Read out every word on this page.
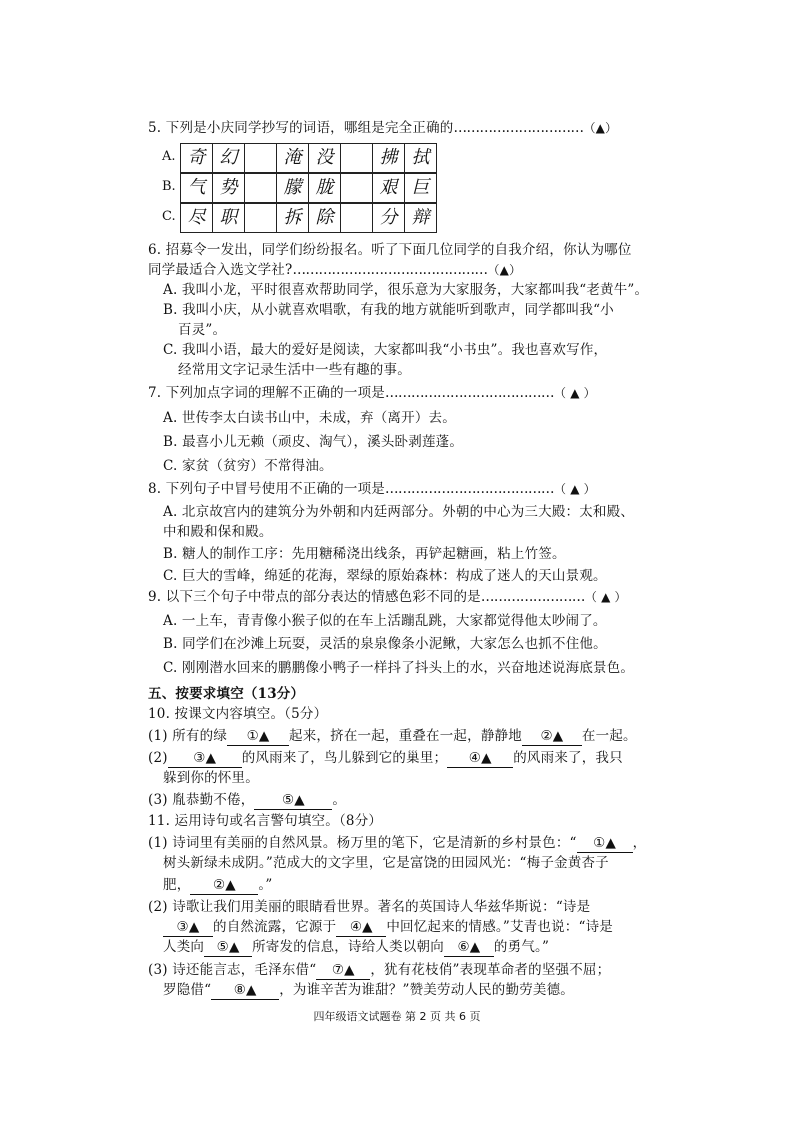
5. 下列是小庆同学抄写的词语，哪组是完全正确的…………………………（▲）
A. 奇 幻	淹 没	拂 拭
B. 气 势	朦 胧	艰 巨
C. 尽 职	拆 除	分 辩
6. 招募令一发出，同学们纷纷报名。听了下面几位同学的自我介绍，你认为哪位
同学最适合入选文学社?………………………………………（▲）
A. 我叫小龙，平时很喜欢帮助同学，很乐意为大家服务，大家都叫我“老黄牛”。
B. 我叫小庆，从小就喜欢唱歌，有我的地方就能听到歌声，同学都叫我“小
百灵”。
C. 我叫小语，最大的爱好是阅读，大家都叫我“小书虫”。我也喜欢写作，
经常用文字记录生活中一些有趣的事。
7. 下列加点字词的理解不正确的一项是…………………………………（ ▲ ）
A. 世传李太白读书山中，未成，弃（离开）去。
B. 最喜小儿无赖（顽皮、淘气），溪头卧剥莲蓬。
C. 家贫（贫穷）不常得油。
8. 下列句子中冒号使用不正确的一项是…………………………………（ ▲ ）
A. 北京故宫内的建筑分为外朝和内廷两部分。外朝的中心为三大殿：太和殿、
中和殿和保和殿。
B. 糖人的制作工序：先用糖稀浇出线条，再铲起糖画，粘上竹签。
C. 巨大的雪峰，绵延的花海，翠绿的原始森林：构成了迷人的天山景观。
9. 以下三个句子中带点的部分表达的情感色彩不同的是……………………（ ▲ ）
A. 一上车，青青像小猴子似的在车上活蹦乱跳，大家都觉得他太吵闹了。
B. 同学们在沙滩上玩耍，灵活的泉泉像条小泥鳅，大家怎么也抓不住他。
C. 刚刚潜水回来的鹏鹏像小鸭子一样抖了抖头上的水，兴奋地述说海底景色。
五、按要求填空（13分）
10. 按课文内容填空。（5分）
(1) 所有的绿 ①▲ 起来，挤在一起，重叠在一起，静静地 ②▲ 在一起。
(2) ③▲ 的风雨来了，鸟儿躲到它的巢里； ④▲ 的风雨来了，我只
躲到你的怀里。
(3) 胤恭勤不倦， ⑤▲ 。
11. 运用诗句或名言警句填空。（8分）
(1) 诗词里有美丽的自然风景。杨万里的笔下，它是清新的乡村景色：“ ①▲ ，
树头新绿未成阴。”范成大的文字里，它是富饶的田园风光：“梅子金黄杏子
肥， ②▲ 。”
四年级语文试题卷 第 2 页 共 6 页
(2) 诗歌让我们用美丽的眼睛看世界。著名的英国诗人华兹华斯说：“诗是
③▲ 的自然流露，它源于 ④▲ 中回忆起来的情感。”艾青也说：“诗是
人类向 ⑤▲ 所寄发的信息，诗给人类以朝向 ⑥▲ 的勇气。”
(3) 诗还能言志，毛泽东借“ ⑦▲ ，犹有花枝俏”表现革命者的坚强不屈；
罗隐借“ ⑧▲ ，为谁辛苦为谁甜？”赞美劳动人民的勤劳美德。
